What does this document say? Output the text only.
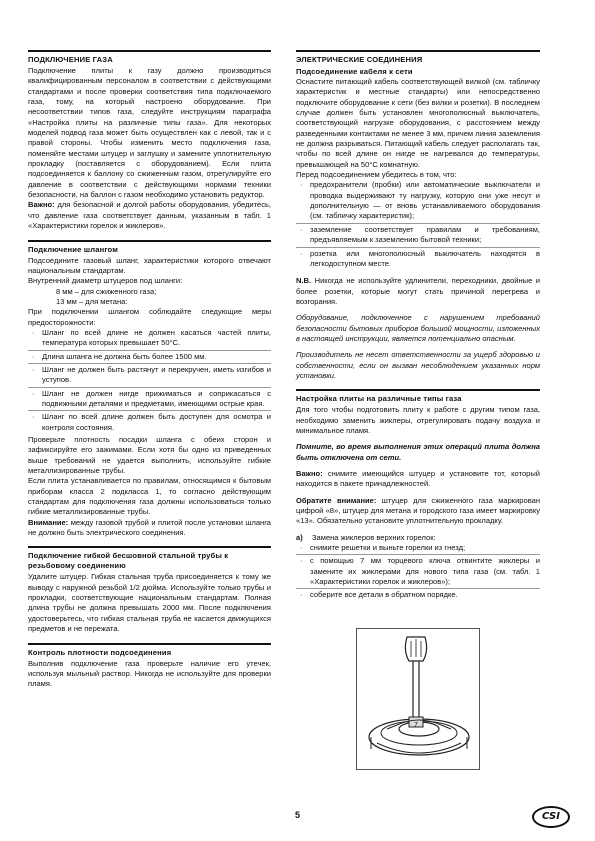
ПОДКЛЮЧЕНИЕ ГАЗА

Подключение плиты к газу должно производиться квалифицированным персоналом в соответствии с действующими стандартами и после проверки соответствия типа подключаемого газа, тому, на который настроено оборудование. При несоответствии типов газа, следуйте инструкциям параграфа «Настройка плиты на различные типы газа». Для некоторых моделей подвод газа может быть осуществлен как с левой, так и с правой стороны. Чтобы изменить место подключения газа, поменяйте местами штуцер и заглушку и замените уплотнительную прокладку (поставляется с оборудованием). Если плита подсоединяется к баллону со сжиженным газом, отрегулируйте его давление в соответствии с действующими нормами техники безопасности, на баллон с газом необходимо установить редуктор.

Важно: для безопасной и долгой работы оборудования, убедитесь, что давление газа соответствует данным, указанным в табл. 1 «Характеристики горелок и жиклеров».

Подключение шлангом

Подсоедините газовый шланг, характеристики которого отвечают национальным стандартам.

Внутренний диаметр штуцеров под шланги:

8 мм – для сжиженного газа;

13 мм – для метана:

При подключении шлангом соблюдайте следующие меры предосторожности:

· Шланг по всей длине не должен касаться частей плиты, температура которых превышает 50°C.
· Длина шланга не должна быть более 1500 мм.
· Шланг не должен быть растянут и перекручен, иметь изгибов и уступов.
· Шланг не должен нигде прижиматься и соприкасаться с подвижными деталями и предметами, имеющими острые края.
· Шланг по всей длине должен быть доступен для осмотра и контроля состояния.

Проверьте плотность посадки шланга с обеих сторон и зафиксируйте его зажимами. Если хотя бы одно из приведенных выше требований не удается выполнить, используйте гибкие металлизированные трубы.

Если плита устанавливается по правилам, относящимся к бытовым приборам класса 2 подкласса 1, то согласно действующим стандартам для подключения газа должны использоваться только гибкие металлизированные трубы.

Внимание: между газовой трубой и плитой после установки шланга не должно быть электрического соединения.

Подключение гибкой бесшовной стальной трубы к резьбовому соединению

Удалите штуцер. Гибкая стальная труба присоединяется к тому же выводу с наружной резьбой 1/2 дюйма. Используйте только трубы и прокладки, соответствующие национальным стандартам. Полная длина трубы не должна превышать 2000 мм. После подключения удостоверьтесь, что гибкая стальная труба не касается движущихся предметов и не пережата.

Контроль плотности подсоединения

Выполнив подключение газа проверьте наличие его утечек, используя мыльный раствор. Никогда не используйте для проверки пламя.

ЭЛЕКТРИЧЕСКИЕ СОЕДИНЕНИЯ
Подсоединение кабеля к сети

Оснастите питающий кабель соответствующей вилкой (см. табличку характеристик и местные стандарты) или непосредственно подключите оборудование к сети (без вилки и розетки). В последнем случае должен быть установлен многополюсный выключатель, соответствующий нагрузке оборудования, с расстоянием между разведенными контактами не менее 3 мм, причем линия заземления не должна разрываться. Питающий кабель следует располагать так, чтобы по всей длине он нигде не нагревался до температуры, превышающей на 50°C комнатную.

Перед подсоединением убедитесь в том, что:

· предохранители (пробки) или автоматические выключатели и проводка выдерживают ту нагрузку, которую они уже несут и дополнительную — от вновь устанавливаемого оборудования (см. табличку характеристик);
· заземление соответствует правилам и требованиям, предъявляемым к заземлению бытовой техники;
· розетка или многополюсный выключатель находятся в легкодоступном месте.

N.B. Никогда не используйте удлинители, переходники, двойные и более розетки, которые могут стать причиной перегрева и возгорания.

Оборудование, подключенное с нарушением требований безопасности бытовых приборов большой мощности, изложенных в настоящей инструкции, является потенциально опасным.

Производитель не несет ответственности за ущерб здоровью и собственности, если он вызван несоблюдением указанных норм установки.

Настройка плиты на различные типы газа

Для того чтобы подготовить плиту к работе с другим типом газа, необходимо заменить жиклеры, отрегулировать подачу воздуха и минимальное пламя.

Помните, во время выполнения этих операций плита должна быть отключена от сети.

Важно: снимите имеющийся штуцер и установите тот, который находится в пакете принадлежностей.

Обратите внимание: штуцер для сжиженного газа маркирован цифрой «8», штуцер для метана и городского газа имеет маркировку «13». Обязательно установите уплотнительную прокладку.

a) Замена жиклеров верхних горелок:

· снимите решетки и выньте горелки из гнезд;
· с помощью 7 мм торцевого ключа отвинтите жиклеры и замените их жиклерами для нового типа газа (см. табл. 1 «Характеристики горелок и жиклеров»);
· соберите все детали в обратном порядке.
7
5	CSI
